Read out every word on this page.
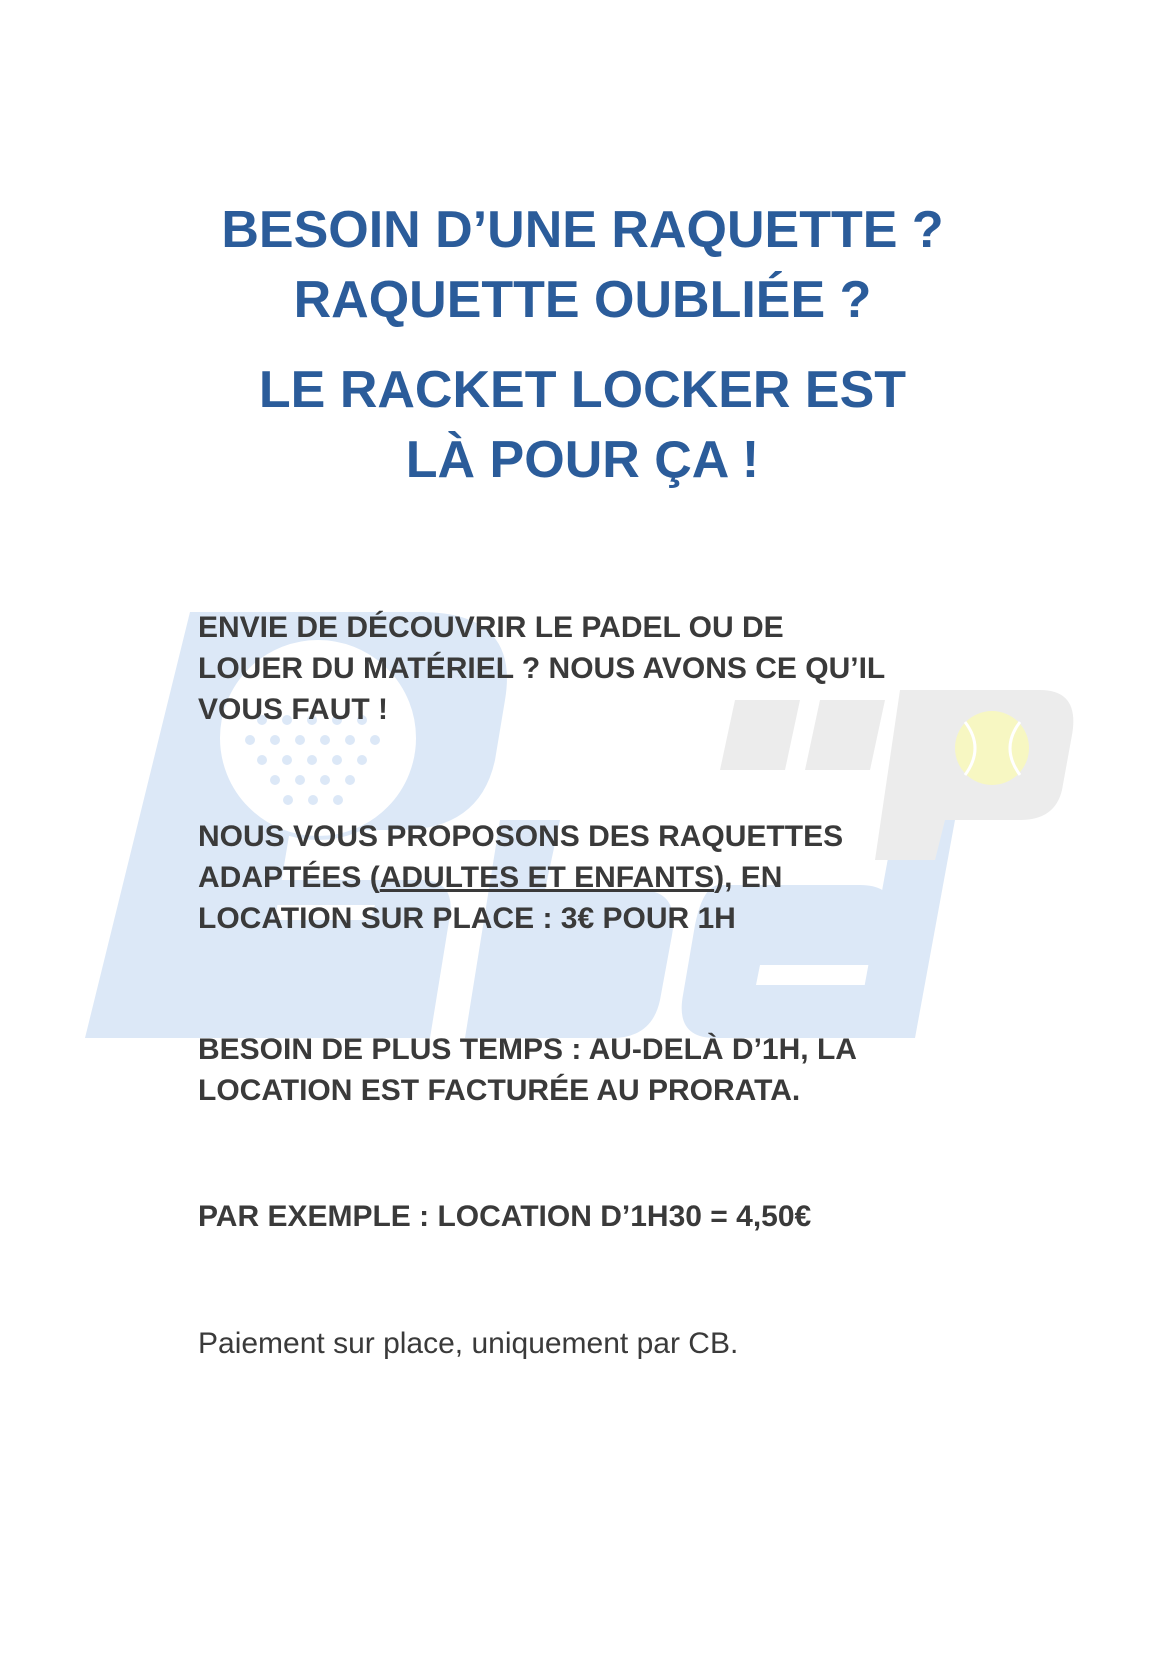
BESOIN D’UNE RAQUETTE ?
RAQUETTE OUBLIÉE ?
LE RACKET LOCKER EST
LÀ POUR ÇA !

ENVIE DE DÉCOUVRIR LE PADEL OU DE
LOUER DU MATÉRIEL ? NOUS AVONS CE QU’IL
VOUS FAUT !

NOUS VOUS PROPOSONS DES RAQUETTES
ADAPTÉES (ADULTES ET ENFANTS), EN
LOCATION SUR PLACE : 3€ POUR 1H

BESOIN DE PLUS TEMPS : AU-DELÀ D’1H, LA
LOCATION EST FACTURÉE AU PRORATA.

PAR EXEMPLE : LOCATION D’1H30 = 4,50€

Paiement sur place, uniquement par CB.
